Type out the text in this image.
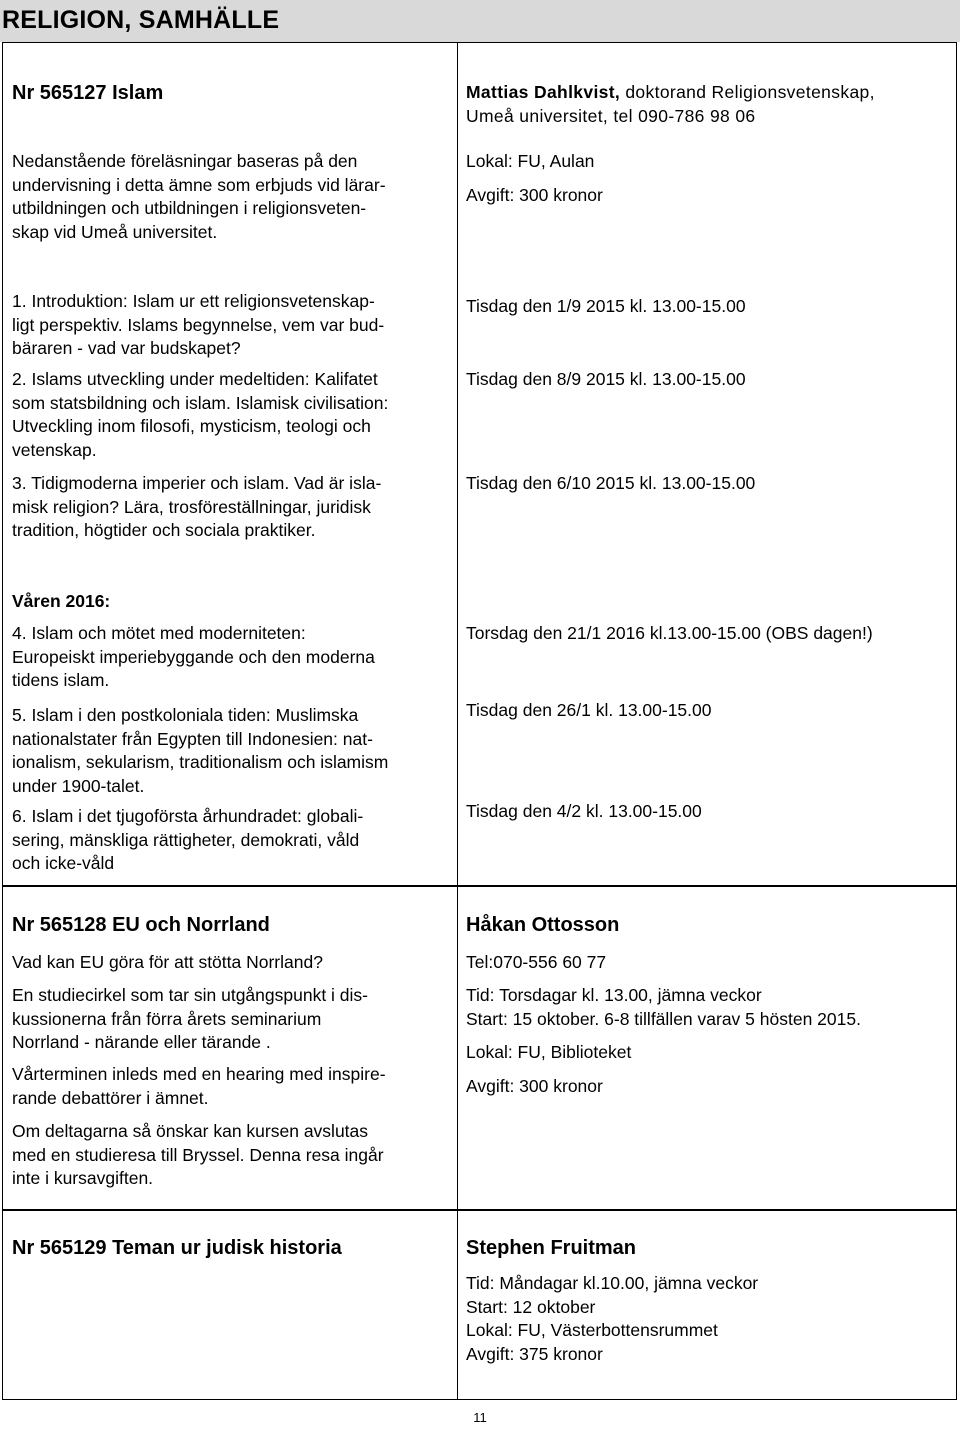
RELIGION, SAMHÄLLE
Nr 565127 Islam

Nedanstående föreläsningar baseras på den

undervisning i detta ämne som erbjuds vid lärar-

utbildningen och utbildningen i religionsveten-

skap vid Umeå universitet.

Mattias Dahlkvist, doktorand Religionsvetenskap,

Umeå universitet, tel 090-786 98 06

Lokal: FU, Aulan
Avgift: 300 kronor

1. Introduktion: Islam ur ett religionsvetenskap-

ligt perspektiv. Islams begynnelse, vem var bud-

bäraren - vad var budskapet?

Tisdag den 1/9 2015 kl. 13.00-15.00

2. Islams utveckling under medeltiden: Kalifatet

som statsbildning och islam. Islamisk civilisation:

Utveckling inom filosofi, mysticism, teologi och

vetenskap.

Tisdag den 8/9 2015 kl. 13.00-15.00

3. Tidigmoderna imperier och islam. Vad är isla-

misk religion? Lära, trosföreställningar, juridisk

tradition, högtider och sociala praktiker.

Tisdag den 6/10 2015 kl. 13.00-15.00
Våren 2016:

4. Islam och mötet med moderniteten:

Europeiskt imperiebyggande och den moderna

tidens islam.

Torsdag den 21/1 2016 kl.13.00-15.00 (OBS dagen!)

5. Islam i den postkoloniala tiden: Muslimska

nationalstater från Egypten till Indonesien: nat-

ionalism, sekularism, traditionalism och islamism

under 1900-talet.

Tisdag den 26/1 kl. 13.00-15.00

6. Islam i det tjugoförsta århundradet: globali-

sering, mänskliga rättigheter, demokrati, våld

och icke-våld

Tisdag den 4/2 kl. 13.00-15.00
Nr 565128 EU och Norrland
Vad kan EU göra för att stötta Norrland?

En studiecirkel som tar sin utgångspunkt i dis-

kussionerna från förra årets seminarium

Norrland - närande eller tärande .

Vårterminen inleds med en hearing med inspire-

rande debattörer i ämnet.

Om deltagarna så önskar kan kursen avslutas

med en studieresa till Bryssel. Denna resa ingår

inte i kursavgiften.

Håkan Ottosson
Tel:070-556 60 77

Tid: Torsdagar kl. 13.00, jämna veckor

Start: 15 oktober. 6-8 tillfällen varav 5 hösten 2015.

Lokal: FU, Biblioteket
Avgift: 300 kronor
Nr 565129 Teman ur judisk historia	Stephen Fruitman

Tid: Måndagar kl.10.00, jämna veckor

Start: 12 oktober

Lokal: FU, Västerbottensrummet

Avgift: 375 kronor

11
